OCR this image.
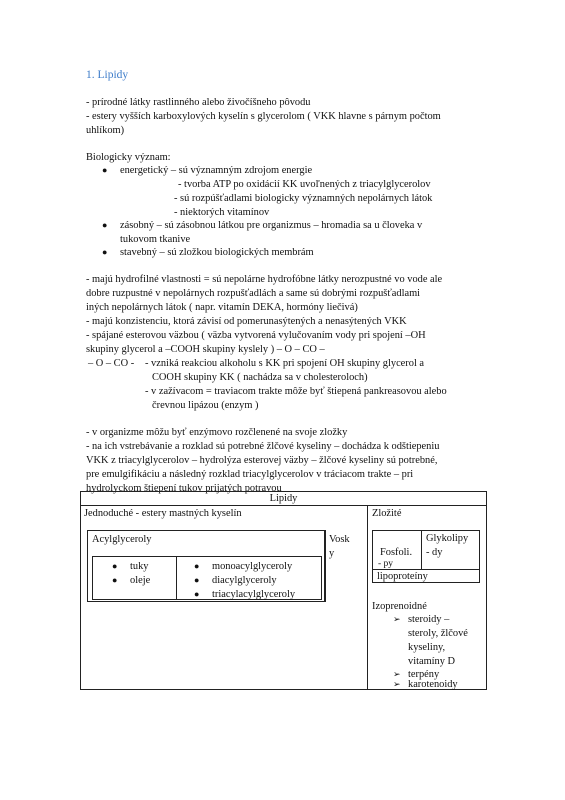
1. Lipidy
- prírodné látky rastlinného alebo živočíšneho pôvodu
- estery vyšších karboxylových kyselín s glycerolom ( VKK hlavne s párnym počtom
uhlíkom)
Biologicky význam:
● energetický – sú významným zdrojom energie
- tvorba ATP po oxidácií KK uvoľnených z triacylglycerolov
- sú rozpúšťadlami biologicky významných nepolárnych látok
- niektorých vitamínov
● zásobný – sú zásobnou látkou pre organizmus – hromadia sa u človeka v
tukovom tkanive
● stavebný – sú zložkou biologických membrám
- majú hydrofilné vlastnosti = sú nepolárne hydrofóbne látky nerozpustné vo vode ale
dobre ruzpustné v nepolárnych rozpušťadlách a same sú dobrými rozpušťadlami
iných nepolárnych látok ( napr. vitamín DEKA, hormóny liečivá)
- majú konzistenciu, ktorá závisí od pomerunasýtených a nenasýtených VKK
- spájané esterovou väzbou ( väzba vytvorená vylučovaním vody pri spojení –OH
skupiny glycerol a –COOH skupiny kyslely ) – O – CO –
– O – CO - - vzniká reakciou alkoholu s KK pri spojení OH skupiny glycerol a
COOH skupiny KK ( nachádza sa v cholesteroloch)
- v zažívacom = traviacom trakte môže byť štiepená pankreasovou alebo
črevnou lipázou (enzym )
- v organizme môžu byť enzýmovo rozčlenené na svoje zložky
- na ich vstrebávanie a rozklad sú potrebné žlčové kyseliny – dochádza k odštiepeniu
VKK z triacylglycerolov – hydrolýza esterovej väzby – žlčové kyseliny sú potrebné,
pre emulgifikáciu a následný rozklad triacylglycerolov v tráciacom trakte – pri
hydrolyckom štiepení tukov prijatých potravou
Lipidy
Jednoduché - estery mastných kyselín	Zložité
Acylglyceroly	Vosk
y
● tuky
● oleje
● monoacylglyceroly
● diacylglyceroly
● triacylacylglyceroly
Fosfoli.
- py
Glykolipy
- dy
lipoproteíny
Izoprenoidné
➢ steroidy –
steroly, žlčové
kyseliny,
vitamíny D
➢ terpény
➢ karotenoidy
